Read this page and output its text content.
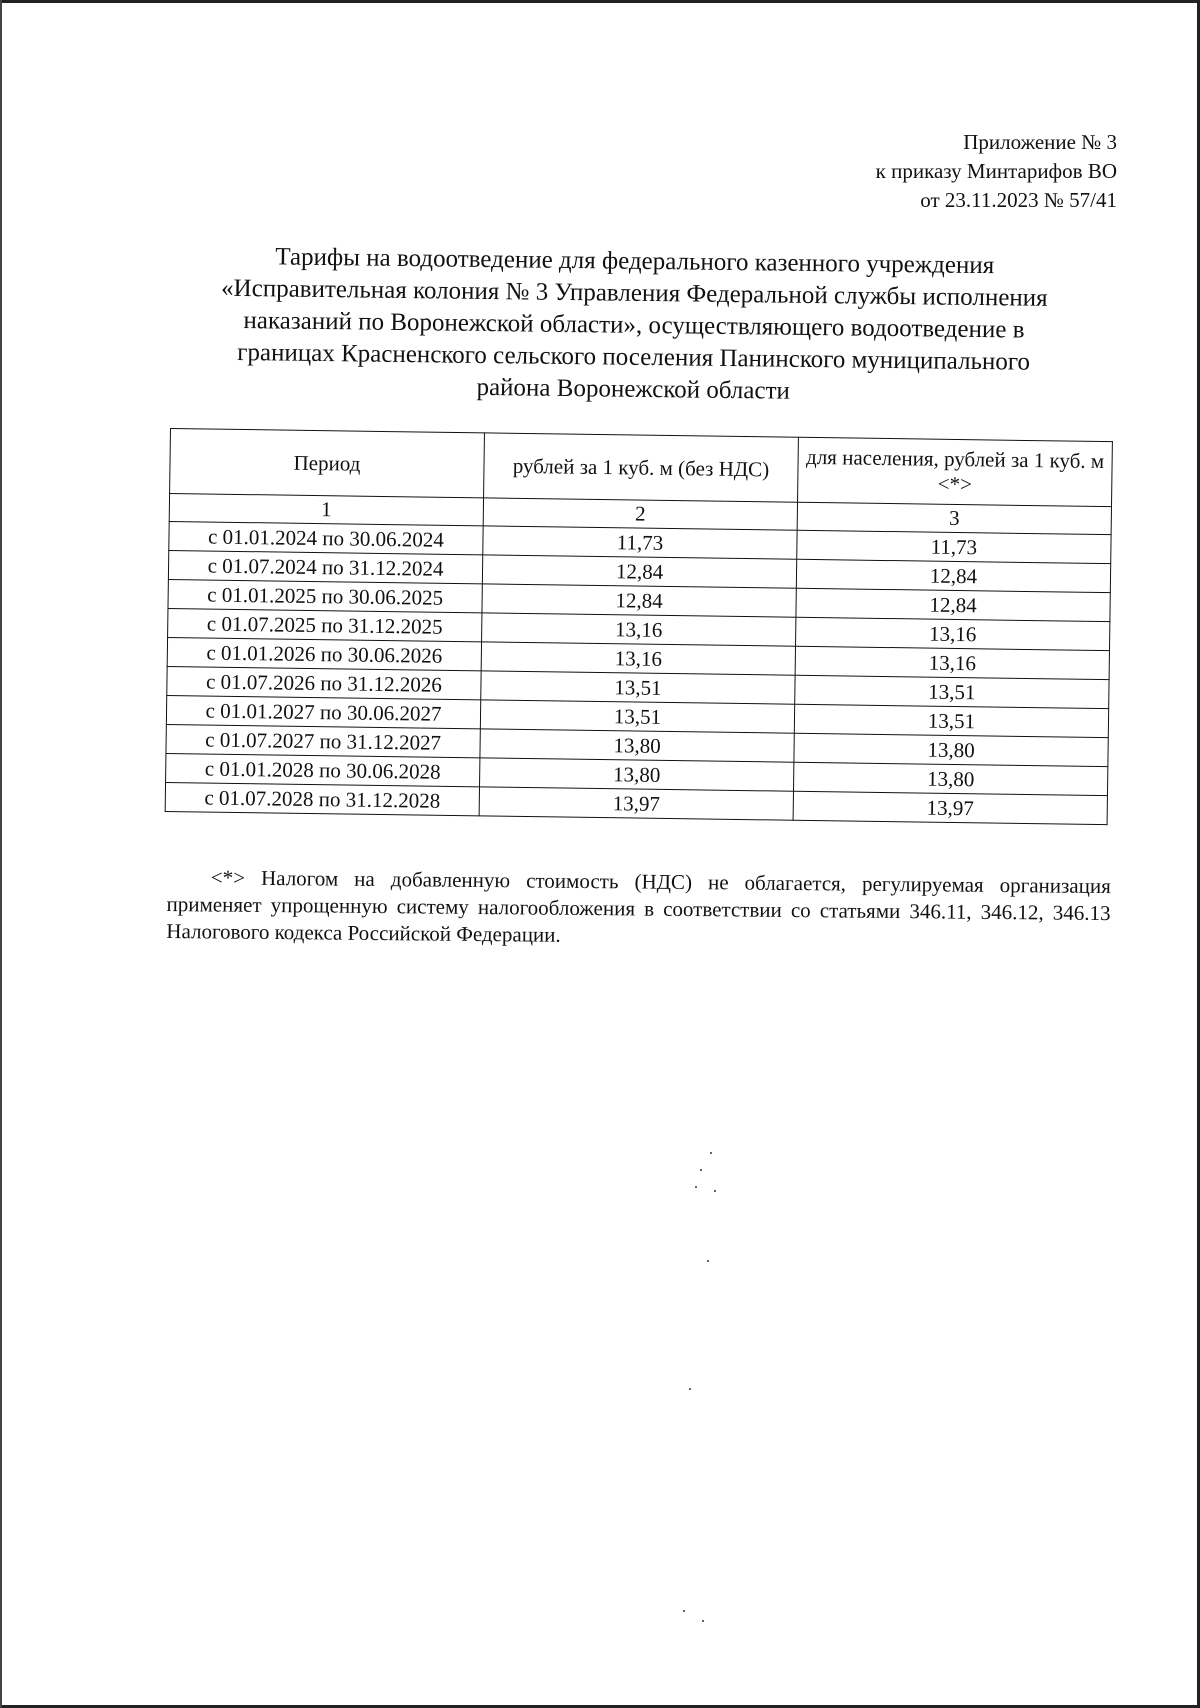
Приложение № 3
к приказу Минтарифов ВО
от 23.11.2023 № 57/41
Тарифы на водоотведение для федерального казенного учреждения
«Исправительная колония № 3 Управления Федеральной службы исполнения
наказаний по Воронежской области», осуществляющего водоотведение в
границах Красненского сельского поселения Панинского муниципального
района Воронежской области
Период	рублей за 1 куб. м (без НДС)	для населения, рублей за 1 куб. м <*>
1	2	3
с 01.01.2024 по 30.06.2024	11,73	11,73
с 01.07.2024 по 31.12.2024	12,84	12,84
с 01.01.2025 по 30.06.2025	12,84	12,84
с 01.07.2025 по 31.12.2025	13,16	13,16
с 01.01.2026 по 30.06.2026	13,16	13,16
с 01.07.2026 по 31.12.2026	13,51	13,51
с 01.01.2027 по 30.06.2027	13,51	13,51
с 01.07.2027 по 31.12.2027	13,80	13,80
с 01.01.2028 по 30.06.2028	13,80	13,80
с 01.07.2028 по 31.12.2028	13,97	13,97

<*> Налогом на добавленную стоимость (НДС) не облагается, регулируемая организация применяет упрощенную систему налогообложения в соответствии со статьями 346.11, 346.12, 346.13 Налогового кодекса Российской Федерации.
